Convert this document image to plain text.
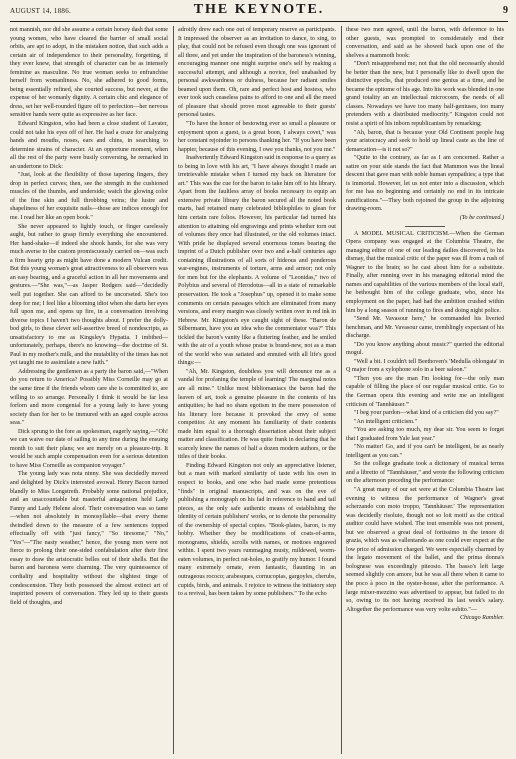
AUGUST 14, 1886.	THE KEYNOTE.	9

not mannish, nor did she assume a certain horsey dash that some young women, who have cleared the barrier of small social orbits, are apt to adopt, in the mistaken notion, that such adds a certain air of independence to their personality, forgetting, if they ever knew, that strength of character can be as intensely feminine as masculine. No true woman seeks to enfranchise herself from womanliness. No, she adhered to good forms, being essentially refined, she courted success, but never, at the expense of her womanly dignity. A certain chic and elegance of dress, set her well-rounded figure off to perfection—her nervous sensitive hands were quite as expressive as her face.

Edward Kingston, who had been a close student of Lavater, could not take his eyes off of her. He had a craze for analyzing hands and mouths, noses, ears and chins, in searching to determine strains of character. At an opportune moment, when all the rest of the party were busily conversing, he remarked in an undertone to Dick:

"Just, look at the flexibility of those tapering fingers, they drop in perfect curves; then, see the strength in the cushioned muscles of the thumbs, and underside; watch the glowing color of the fine skin and full throbbing veins; the lustre and shapeliness of her exquisite nails—those are indices enough for me. I read her like an open book."

She never appeared to lightly touch, or finger carelessly aught, but rather to grasp firmly everything she encountered. Her hand-shake—if indeed she shook hands, for she was very much averse to the custom promiscuously carried on—was such a firm hearty grip as might have done a modern Vulcan credit. But this young woman's great attractiveness to all observers was an easy bearing, and a graceful action in all her movements and gestures.—"She was,"—as Jasper Rodgers said—"decidedly well put together. She can afford to be uncorseted. She's too deep for me; I feel like a blooming idiot when she darts her eyes full upon me, and opens up fire, in a conversation involving diverse topics I haven't two thoughts about. I prefer the dolly-bod girls, to these clever self-assertive breed of nondescripts, as unsatisfactory to me as Kingsley's Hypatia. I imbibed—unfortunately, perhaps, there's no knowing—the doctrine of St. Paul in my mother's milk, and the mutability of the times has not yet taught me to assimilate a new faith."

Addressing the gentlemen as a party the baron said,—"When do you return to America? Possibly Miss Corneille may go at the same time if the friends whom care she is committed to, are willing to so arrange. Personally I think it would be far less forlorn and more congenial for a young lady to have young society than for her to be immured with an aged couple across seas."

Dick sprung to the fore as spokesman, eagerly saying,—"Oh! we can waive our date of sailing to any time during the ensuing month to suit their plans; we are merely on a pleasure-trip. It would be such ample compensation even for a serious detention to have Miss Corneille as companion voyager."

The young lady was nota ninny. She was decidedly moved and delighted by Dick's interested avowal. Henry Bacon turned blandly to Miss Longstreth. Probably some national prejudice, and an unaccountable but masterful antagonism held Lady Fanny and Lady Helene aloof. Their conversation was so tame—when not absolutely in monosyllable—that every theme dwindled down to the measure of a few sentences topped effectually off with "just fancy," "So tiresome," "No," "Yes"—"The nasty weather," hence, the young men were not fierce to prolong their one-sided confabulation after their first essay to draw the aristocratic belles out of their shells. But the baron and baroness were charming. The very quintessence of cordiality and hospitality without the slightest tinge of condescension. They both possessed the almost extinct art of inspirited powers of conversation. They led up to their guests field of thoughts, and

adroitly drew each one out of temporary reserve as participants. It impressed the observer as an invitation to dance, to sing, to play, that could not be refused even though one was ignorant of all three, and yet under the inspiration of the baroness's winning, encouraging manner one might surprise one's self by making a successful attempt, and although a novice, feel unabashed by personal awkwardness or dulness, because her radiant smiles beamed upon them. Oh, rare and perfect host and hostess, who ever took such ceaseless pains to afford to one and all the meed of pleasure that should prove most agreeable to their guests' personal tastes.

"To have the honor of bestowing ever so small a pleasure or enjoyment upon a guest, is a great boon, I always covet," was her constant rejoinder to persons thanking her. "If you have been happier, because of this evening, I owe you thanks, not you me."

Inadvertently Edward Kingston said in response to a query as to being in love with his art, "I have always thought I made an irretrievable mistake when I turned my back on literature for art." This was the cue for the baron to take him off to his library. Apart from the faultless array of books necessary to equip an extensive private library the baron secured all the noted book marts, had retained many celebrated bibliophiles to glean for him certain rare folios. However, his particular fad turned his attention to attaining old engravings and prints whether torn out of volumes they once had illustrated, or the old volumes intact. With pride he displayed several enormous tomes bearing the imprint of a Dutch publisher over two and a-half centuries ago containing illustrations of all sorts of hideous and ponderous war-engines, instruments of torture, arms and armor; not only for men but for the elephants. A volume of "Leonidas," two of Polybius and several of Herodotus—all in a state of remarkable preservation. He took a "Josephus" up, opened it to make some comments on certain passages which are eliminated from many versions, and every margin was closely written over in red ink in Hebrew. Mr. Kingston's eye caught sight of these. "Baron de Silbermann, have you an idea who the commentator was?" This tickled the baron's vanity like a fluttering feather, and he smiled with the air of a youth whose praise is brand-new, not as a man of the world who was satiated and ennuied with all life's good things:—

"Ah, Mr. Kingston, doubtless you will denounce me as a vandal for profaning the temple of learning! The marginal notes are all mine." Unlike most bibliomaniacs the baron had the leaven of art, took a genuine pleasure in the contents of his antiquities; he had no sham egotism in the mere possession of his literary lore because it provoked the envy of some competitor. At any moment his familiarity of their contents made him equal to a thorough dissertation about their subject matter and classification. He was quite frank in declaring that he scarcely knew the names of half a dozen modern authors, or the titles of their books.

Finding Edward Kingston not only an appreciative listener, but a man with marked similarity of taste with his own in respect to books, and one who had made some pretentious "finds" in original manuscripts, and was on the eve of publishing a monograph on his fad in reference to hand and tail pieces, as the only safe authentic means of establishing the identity of certain publishers' works, or to denote the personality of the ownership of special copies. "Book-plates, baron, is my hobby. Whether they be modifications of coats-of-arms, monograms, shields, scrolls with names, or mottoes engraved within. I spent two years rummaging musty, mildewed, worm-eaten volumes, in perfect rat-holes, to gratify my humor. I found many extremely ornate, even fantastic, flaunting in an outrageous rococo; arabesques, cornucopias, gargoyles, cherubs, cupids, birds, and animals. I rejoice to witness the initiatory step to a revival, has been taken by some publishers." To the echo

these two men agreed, until the baron, with deference to his other guests, was prompted to considerately end their conversation, and said as he showed back upon one of the shelves a mammoth book:

"Don't misapprehend me; not that the old necessarily should be better than the new, but I personally like to dwell upon the distinctive epochs, that produced one genius at a time, and he became the epitome of his age. Into his work was blended in one grand totality an an intellectual microcosm, the needs of all classes. Nowadays we have too many half-geniuses, too many pretenders with a distributed mediocrity." Kingston could not resist a spirit of his inborn republicanism by remarking;

"Ah, baron, that is because your Old Continent people hug your aristocracy and seek to hold up lineal caste as the line of demarcation—is it not so?"

"Quite to the contrary, as far as I am concerned. Rather a satire on your side stands the fact that Mammon was the lineal descent that gave man with noble human sympathies; a type that is immortal. However, let us not enter into a discussion, which for me has no beginning and certainly no end in its intricate ramifications."—They both rejoined the group in the adjoining drawing-room.

(To be continued.)

A MODEL MUSICAL CRITICISM.—When the German Opera company was engaged at the Columbia Theatre, the managing editor of one of our leading dailies discovered, to his dismay, that the musical critic of the paper was ill from a rush of Wagner to the brain; so he cast about him for a substitute. Finally, after running over in his managing editorial mind the names and capabilities of the various members of the local staff, he bethought him of the college graduate, who, since his employment on the paper, had had the ambition crushed within him by a long season of running to fires and doing night police.

"Send Mr. Vavasour here," he commanded his liveried henchman, and Mr. Vavasour came, tremblingly expectant of his discharge.

"Do you know anything about music?" queried the editorial mogul.

"Well a bit. I couldn't tell Beethoven's 'Medulla oblongata' in Q major from a xylophone solo in a beer saloon."

"Then you are the man I'm looking for—the only man capable of filling the place of our regular musical critic. Go to the German opera this evening and write me an intelligent criticism of 'Tannhäuser.'"

"I beg your pardon—what kind of a criticism did you say?"

"An intelligent criticism."

"You are asking too much, my dear sir. You seem to forget that I graduated from Yale last year."

"No matter! Go, and if you can't be intelligent, be as nearly intelligent as you can."

So the college graduate took a dictionary of musical terms and a libretto of "Tannhäuser," and wrote the following criticism on the afternoon preceding the performance:

"A great many of our set were at the Columbia Theatre last evening to witness the performance of Wagner's great scherzando con moto troppo, 'Tannhäuser.' The representation was decidedly risoluto, though not so loit motif as the critical auditor could have wished. The tout ensemble was not present, but we observed a great deal of fortissimo in the tenore di grazia, which was as vallentando as one could ever expect at the low price of admission charged. We were especially charmed by the legato movement of the ballet, and the prima donna's bolognese was exceedingly piteosio. The basso's left large seemed slightly con amore, but he was all there when it came to the poco à poco in the oyster-house, after the performance. A large mixer-mezzino was advertised to appear, but failed to do so, owing to its not having received its last week's salary. Altogether the performance was very volte subito."—

Chicago Rambler.
